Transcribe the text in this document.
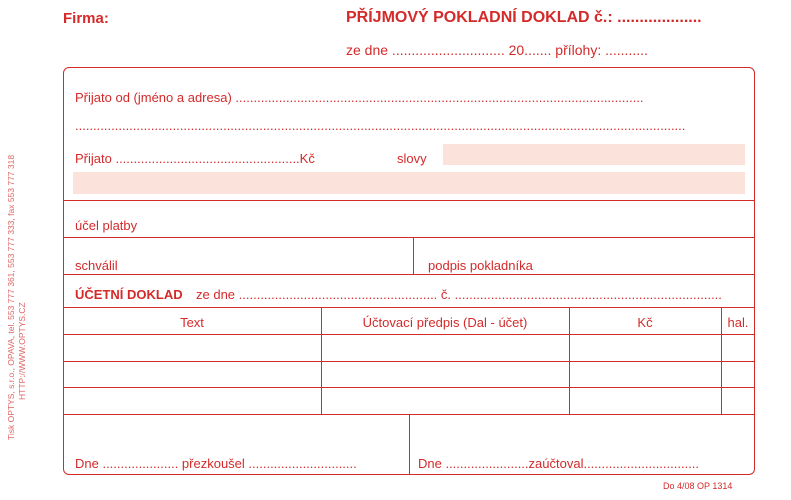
Tisk OPTYS, s.r.o., OPAVA, tel. 553 777 361, 553 777 333, fax 553 777 318 HTTP://WWW.OPTYS.CZ
Firma:	PŘÍJMOVÝ POKLADNÍ DOKLAD č.: ...................
ze dne ............................. 20....... přílohy: ...........
Přijato od (jméno a adresa) .................................................................................................................
.........................................................................................................................................................................
Přijato ...................................................Kč	slovy
účel platby
schválil	podpis pokladníka
ÚČETNÍ DOKLAD ze dne ....................................................... č. ..........................................................................
Text	Účtovací předpis (Dal - účet)	Kč	hal.
Dne ..................... přezkoušel ..............................	Dne .......................zaúčtoval................................
Do 4/08 OP 1314
